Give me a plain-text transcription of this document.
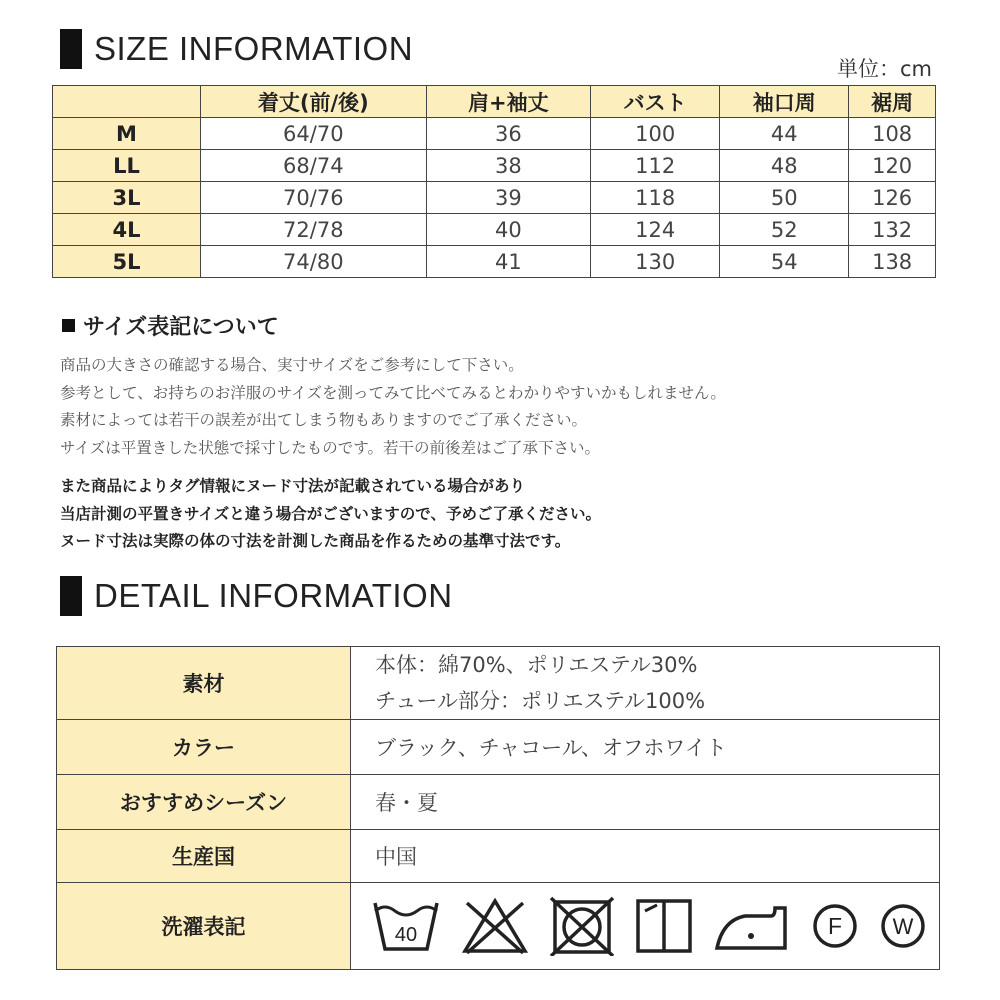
SIZE INFORMATION
単位：cm
	着丈(前/後)	肩+袖丈	バスト	袖口周	裾周
M	64/70	36	100	44	108
LL	68/74	38	112	48	120
3L	70/76	39	118	50	126
4L	72/78	40	124	52	132
5L	74/80	41	130	54	138
サイズ表記について
商品の大きさの確認する場合、実寸サイズをご参考にして下さい。
参考として、お持ちのお洋服のサイズを測ってみて比べてみるとわかりやすいかもしれません。
素材によっては若干の誤差が出てしまう物もありますのでご了承ください。
サイズは平置きした状態で採寸したものです。若干の前後差はご了承下さい。
また商品によりタグ情報にヌード寸法が記載されている場合があり
当店計測の平置きサイズと違う場合がございますので、予めご了承ください。
ヌード寸法は実際の体の寸法を計測した商品を作るための基準寸法です。
DETAIL INFORMATION
素材	本体：綿70%、ポリエステル30%
チュール部分：ポリエステル100%

カラー	ブラック、チャコール、オフホワイト
おすすめシーズン	春・夏
生産国	中国
洗濯表記	40 F W
